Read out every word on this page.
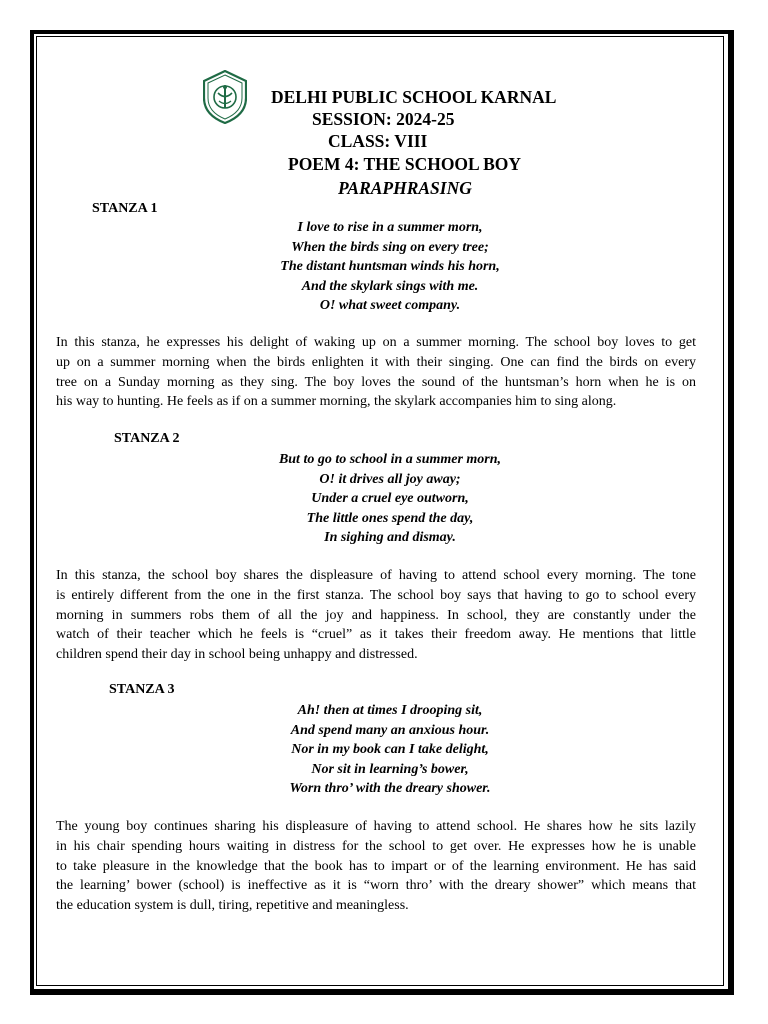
DELHI PUBLIC SCHOOL KARNAL
SESSION: 2024-25
CLASS: VIII
POEM 4: THE SCHOOL BOY
PARAPHRASING
STANZA 1
I love to rise in a summer morn,
When the birds sing on every tree;
The distant huntsman winds his horn,
And the skylark sings with me.
O! what sweet company.
In this stanza, he expresses his delight of waking up on a summer morning. The school boy loves to get
up on a summer morning when the birds enlighten it with their singing. One can find the birds on every
tree on a Sunday morning as they sing. The boy loves the sound of the huntsman’s horn when he is on
his way to hunting. He feels as if on a summer morning, the skylark accompanies him to sing along.
STANZA 2
But to go to school in a summer morn,
O! it drives all joy away;
Under a cruel eye outworn,
The little ones spend the day,
In sighing and dismay.
In this stanza, the school boy shares the displeasure of having to attend school every morning. The tone
is entirely different from the one in the first stanza. The school boy says that having to go to school every
morning in summers robs them of all the joy and happiness. In school, they are constantly under the
watch of their teacher which he feels is “cruel” as it takes their freedom away. He mentions that little
children spend their day in school being unhappy and distressed.
STANZA 3
Ah! then at times I drooping sit,
And spend many an anxious hour.
Nor in my book can I take delight,
Nor sit in learning’s bower,
Worn thro’ with the dreary shower.
The young boy continues sharing his displeasure of having to attend school. He shares how he sits lazily
in his chair spending hours waiting in distress for the school to get over. He expresses how he is unable
to take pleasure in the knowledge that the book has to impart or of the learning environment. He has said
the learning’ bower (school) is ineffective as it is “worn thro’ with the dreary shower” which means that
the education system is dull, tiring, repetitive and meaningless.
